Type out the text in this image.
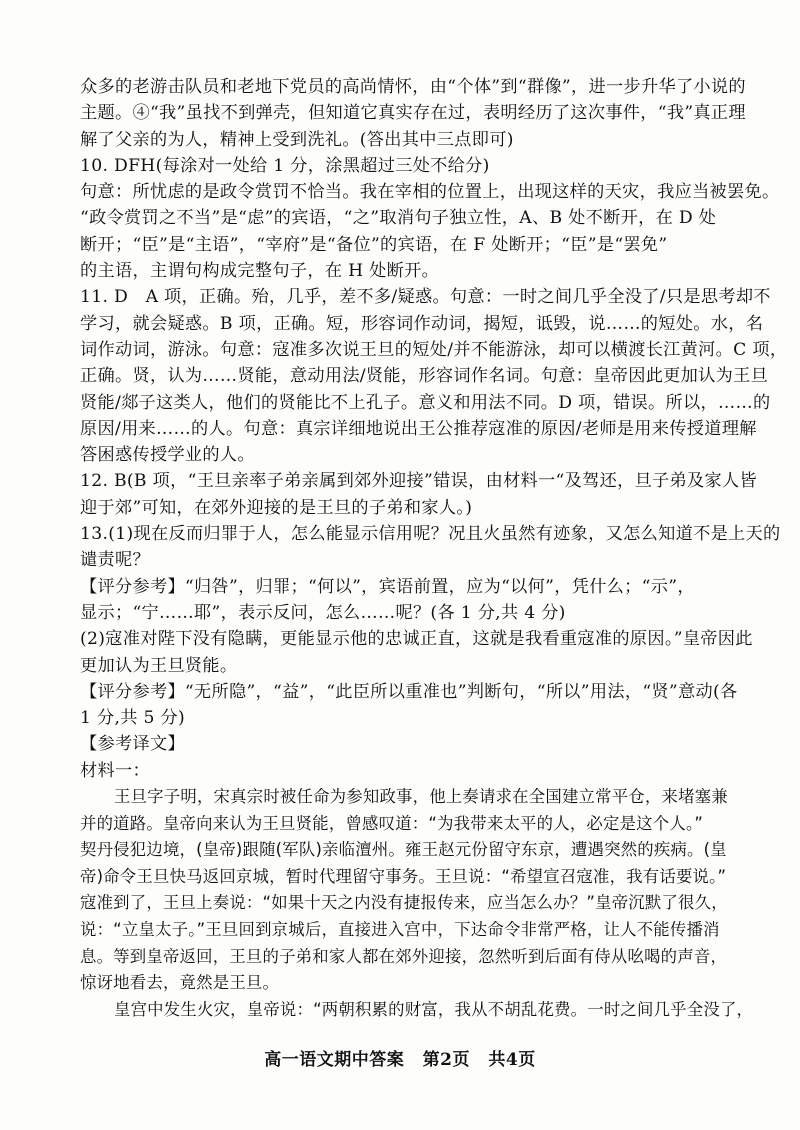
众多的老游击队员和老地下党员的高尚情怀，由“个体”到“群像”，进一步升华了小说的
主题。④“我”虽找不到弹壳，但知道它真实存在过，表明经历了这次事件，“我”真正理
解了父亲的为人，精神上受到洗礼。(答出其中三点即可)
10. DFH(每涂对一处给 1 分，涂黑超过三处不给分)
句意：所忧虑的是政令赏罚不恰当。我在宰相的位置上，出现这样的天灾，我应当被罢免。
“政令赏罚之不当”是“虑”的宾语，“之”取消句子独立性，A、B 处不断开，在 D 处
断开；“臣”是“主语”，“宰府”是“备位”的宾语，在 F 处断开；“臣”是“罢免”
的主语，主谓句构成完整句子，在 H 处断开。
11. D　A 项，正确。殆，几乎，差不多/疑惑。句意：一时之间几乎全没了/只是思考却不
学习，就会疑惑。B 项，正确。短，形容词作动词，揭短，诋毁，说……的短处。水，名
词作动词，游泳。句意：寇准多次说王旦的短处/并不能游泳，却可以横渡长江黄河。C 项，
正确。贤，认为……贤能，意动用法/贤能，形容词作名词。句意：皇帝因此更加认为王旦
贤能/郯子这类人，他们的贤能比不上孔子。意义和用法不同。D 项，错误。所以，……的
原因/用来……的人。句意：真宗详细地说出王公推荐寇准的原因/老师是用来传授道理解
答困惑传授学业的人。
12. B(B 项，“王旦亲率子弟亲属到郊外迎接”错误，由材料一“及驾还，旦子弟及家人皆
迎于郊”可知，在郊外迎接的是王旦的子弟和家人。)
13.(1)现在反而归罪于人，怎么能显示信用呢？况且火虽然有迹象，又怎么知道不是上天的
谴责呢？
【评分参考】“归咎”，归罪；“何以”，宾语前置，应为“以何”，凭什么；“示”，
显示；“宁……耶”，表示反问，怎么……呢？(各 1 分,共 4 分)
(2)寇准对陛下没有隐瞒，更能显示他的忠诚正直，这就是我看重寇准的原因。”皇帝因此
更加认为王旦贤能。
【评分参考】“无所隐”，“益”，“此臣所以重准也”判断句，“所以”用法，“贤”意动(各
1 分,共 5 分)
【参考译文】
材料一：
王旦字子明，宋真宗时被任命为参知政事，他上奏请求在全国建立常平仓，来堵塞兼
并的道路。皇帝向来认为王旦贤能，曾感叹道：“为我带来太平的人，必定是这个人。”
契丹侵犯边境，(皇帝)跟随(军队)亲临澶州。雍王赵元份留守东京，遭遇突然的疾病。(皇
帝)命令王旦快马返回京城，暂时代理留守事务。王旦说：“希望宣召寇准，我有话要说。”
寇准到了，王旦上奏说：“如果十天之内没有捷报传来，应当怎么办？”皇帝沉默了很久，
说：“立皇太子。”王旦回到京城后，直接进入宫中，下达命令非常严格，让人不能传播消
息。等到皇帝返回，王旦的子弟和家人都在郊外迎接，忽然听到后面有侍从吆喝的声音，
惊讶地看去，竟然是王旦。
皇宫中发生火灾，皇帝说：“两朝积累的财富，我从不胡乱花费。一时之间几乎全没了，
高一语文期中答案 第2页 共4页
